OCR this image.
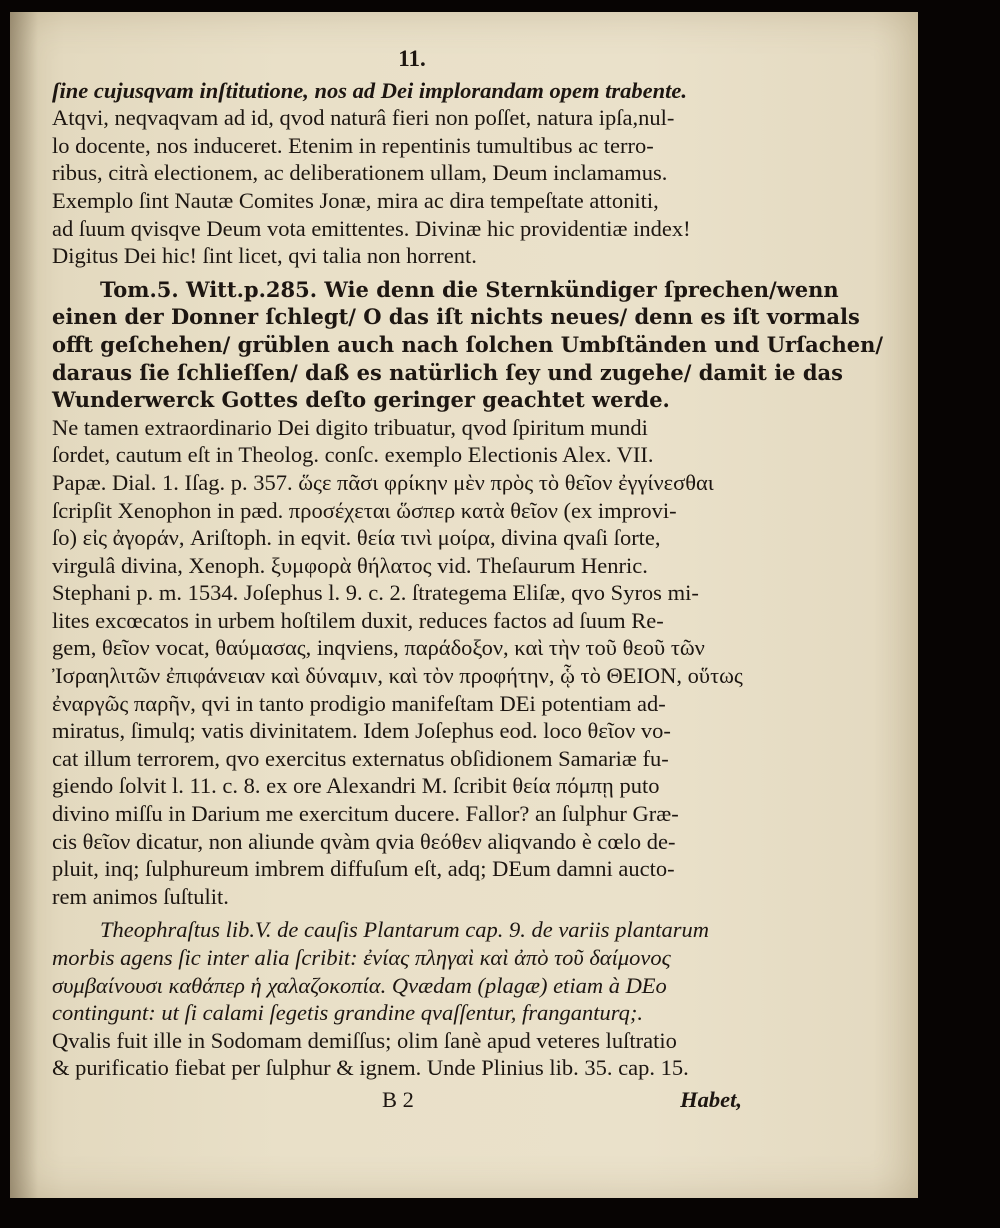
11.
ſine cujusqvam inſtitutione, nos ad Dei implorandam opem trabente.
Atqvi, neqvaqvam ad id, qvod naturâ fieri non poſſet, natura ipſa,nul-
lo docente, nos induceret. Etenim in repentinis tumultibus ac terro-
ribus, citrà electionem, ac deliberationem ullam, Deum inclamamus.
Exemplo ſint Nautæ Comites Jonæ, mira ac dira tempeſtate attoniti,
ad ſuum qvisqve Deum vota emittentes. Divinæ hic providentiæ index!
Digitus Dei hic! ſint licet, qvi talia non horrent.
Tom.5. Witt.p.285. Wie denn die Sternkündiger ſprechen/wenn
einen der Donner ſchlegt/ O das iſt nichts neues/ denn es iſt vormals
offt geſchehen/ grüblen auch nach ſolchen Umbſtänden und Urſachen/
daraus ſie ſchlieſſen/ daß es natürlich ſey und zugehe/ damit ie das
Wunderwerck Gottes deſto geringer geachtet werde.
Ne tamen extraordinario Dei digito tribuatur, qvod ſpiritum mundi
ſordet, cautum eſt in Theolog. conſc. exemplo Electionis Alex. VII.
Papæ. Dial. 1. Iſag. p. 357. ὥςε πᾶσι φρίκην μὲν πρὸς τὸ θεῖον ἐγγίνεσθαι
ſcripſit Xenophon in pæd. προσέχεται ὥσπερ κατὰ θεῖον (ex improvi-
ſo) εἰς ἀγοράν, Ariſtoph. in eqvit. θεία τινὶ μοίρα, divina qvaſi ſorte,
virgulâ divina, Xenoph. ξυμφορὰ θήλατος vid. Theſaurum Henric.
Stephani p. m. 1534. Joſephus l. 9. c. 2. ſtrategema Eliſæ, qvo Syros mi-
lites excœcatos in urbem hoſtilem duxit, reduces factos ad ſuum Re-
gem, θεῖον vocat, θαύμασας, inqviens, παράδοξον, καὶ τὴν τοῦ θεοῦ τῶν
Ἰσραηλιτῶν ἐπιφάνειαν καὶ δύναμιν, καὶ τὸν προφήτην, ᾧ τὸ ΘΕΙΟΝ, οὕτως
ἐναργῶς παρῆν, qvi in tanto prodigio manifeſtam DEi potentiam ad-
miratus, ſimulq; vatis divinitatem. Idem Joſephus eod. loco θεῖον vo-
cat illum terrorem, qvo exercitus externatus obſidionem Samariæ fu-
giendo ſolvit l. 11. c. 8. ex ore Alexandri M. ſcribit θεία πόμπῃ puto
divino miſſu in Darium me exercitum ducere. Fallor? an ſulphur Græ-
cis θεῖον dicatur, non aliunde qvàm qvia θεόθεν aliqvando è cœlo de-
pluit, inq; ſulphureum imbrem diffuſum eſt, adq; DEum damni aucto-
rem animos ſuſtulit.
Theophraſtus lib.V. de cauſis Plantarum cap. 9. de variis plantarum
morbis agens ſic inter alia ſcribit: ἐνίας πληγαὶ καὶ ἀπὸ τοῦ δαίμονος
συμβαίνουσι καθάπερ ἡ χαλαζοκοπία. Qvædam (plagæ) etiam à DEo
contingunt: ut ſi calami ſegetis grandine qvaſſentur, franganturq;.
Qvalis fuit ille in Sodomam demiſſus; olim ſanè apud veteres luſtratio
& purificatio fiebat per ſulphur & ignem. Unde Plinius lib. 35. cap. 15.
B 2	Habet,
